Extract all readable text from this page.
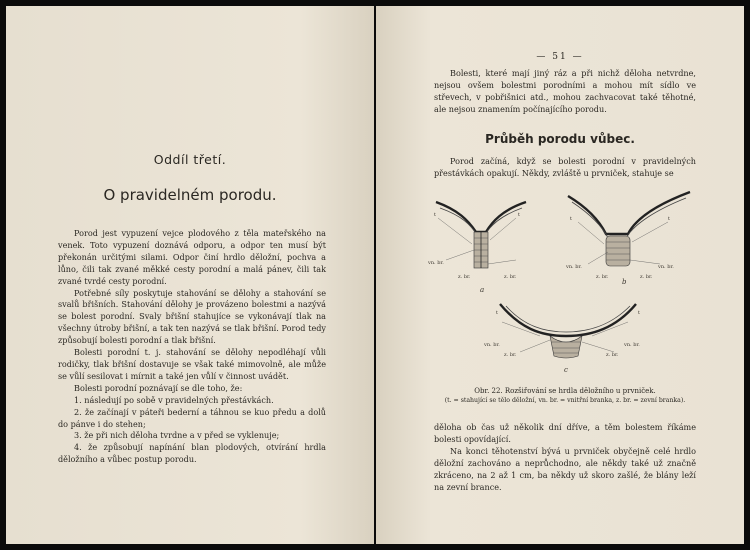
Oddíl třetí.
O pravidelném porodu.

Porod jest vypuzení vejce plodového z těla mateřského na venek. Toto vypuzení doznává odporu, a odpor ten musí být překonán určitými silami. Odpor činí hrdlo děložní, pochva a lůno, čili tak zvané měkké cesty porodní a malá pánev, čili tak zvané tvrdé cesty porodní.

Potřebné síly poskytuje stahování se dělohy a stahování se svalů břišních. Stahování dělohy je provázeno bolestmi a nazývá se bolest porodní. Svaly břišní stahujíce se vykonávají tlak na všechny útroby břišní, a tak ten nazývá se tlak břišní. Porod tedy způsobují bolesti porodní a tlak břišní.

Bolesti porodní t. j. stahování se dělohy nepodléhají vůli rodičky, tlak břišní dostavuje se však také mimovolně, ale může se vůlí sesilovat i mírnit a také jen vůlí v činnost uvádět.

Bolesti porodní poznávají se dle toho, že:

1. následují po sobě v pravidelných přestávkách.

2. že začínají v páteři bederní a táhnou se kuo předu a dolů do pánve i do stehen;

3. že při nich děloha tvrdne a v před se vyklenuje;

4. že způsobují napínání blan plodových, otvírání hrdla děložního a vůbec postup porodu.

— 51 —

Bolesti, které mají jiný ráz a při nichž děloha netvrdne, nejsou ovšem bolestmi porodními a mohou mít sídlo ve střevech, v pobřišnici atd., mohou zachvacovat také těhotné, ale nejsou znamením počínajícího porodu.

Průběh porodu vůbec.

Porod začíná, když se bolesti porodní v pravidelných přestávkách opakují. Někdy, zvláště u prvniček, stahuje se

t	t
vn. br.
z. br.	z. br.
a
t	t
vn. br.
z. br.	z. br.
vn. br.
b
t	t
vn. br.
z. br.	z. br.
vn. br.
c
Obr. 22. Rozšiřování se hrdla děložního u prvniček.
(t. = stahující se tělo děložní, vn. br. = vnitřní branka, z. br. = zevní branka).

děloha ob čas už několik dní dříve, a těm bolestem říkáme bolesti opovídající.

Na konci těhotenství bývá u prvniček obyčejně celé hrdlo děložní zachováno a neprůchodno, ale někdy také už značně zkráceno, na 2 až 1 cm, ba někdy už skoro zašlé, že blány leží na zevní brance.
